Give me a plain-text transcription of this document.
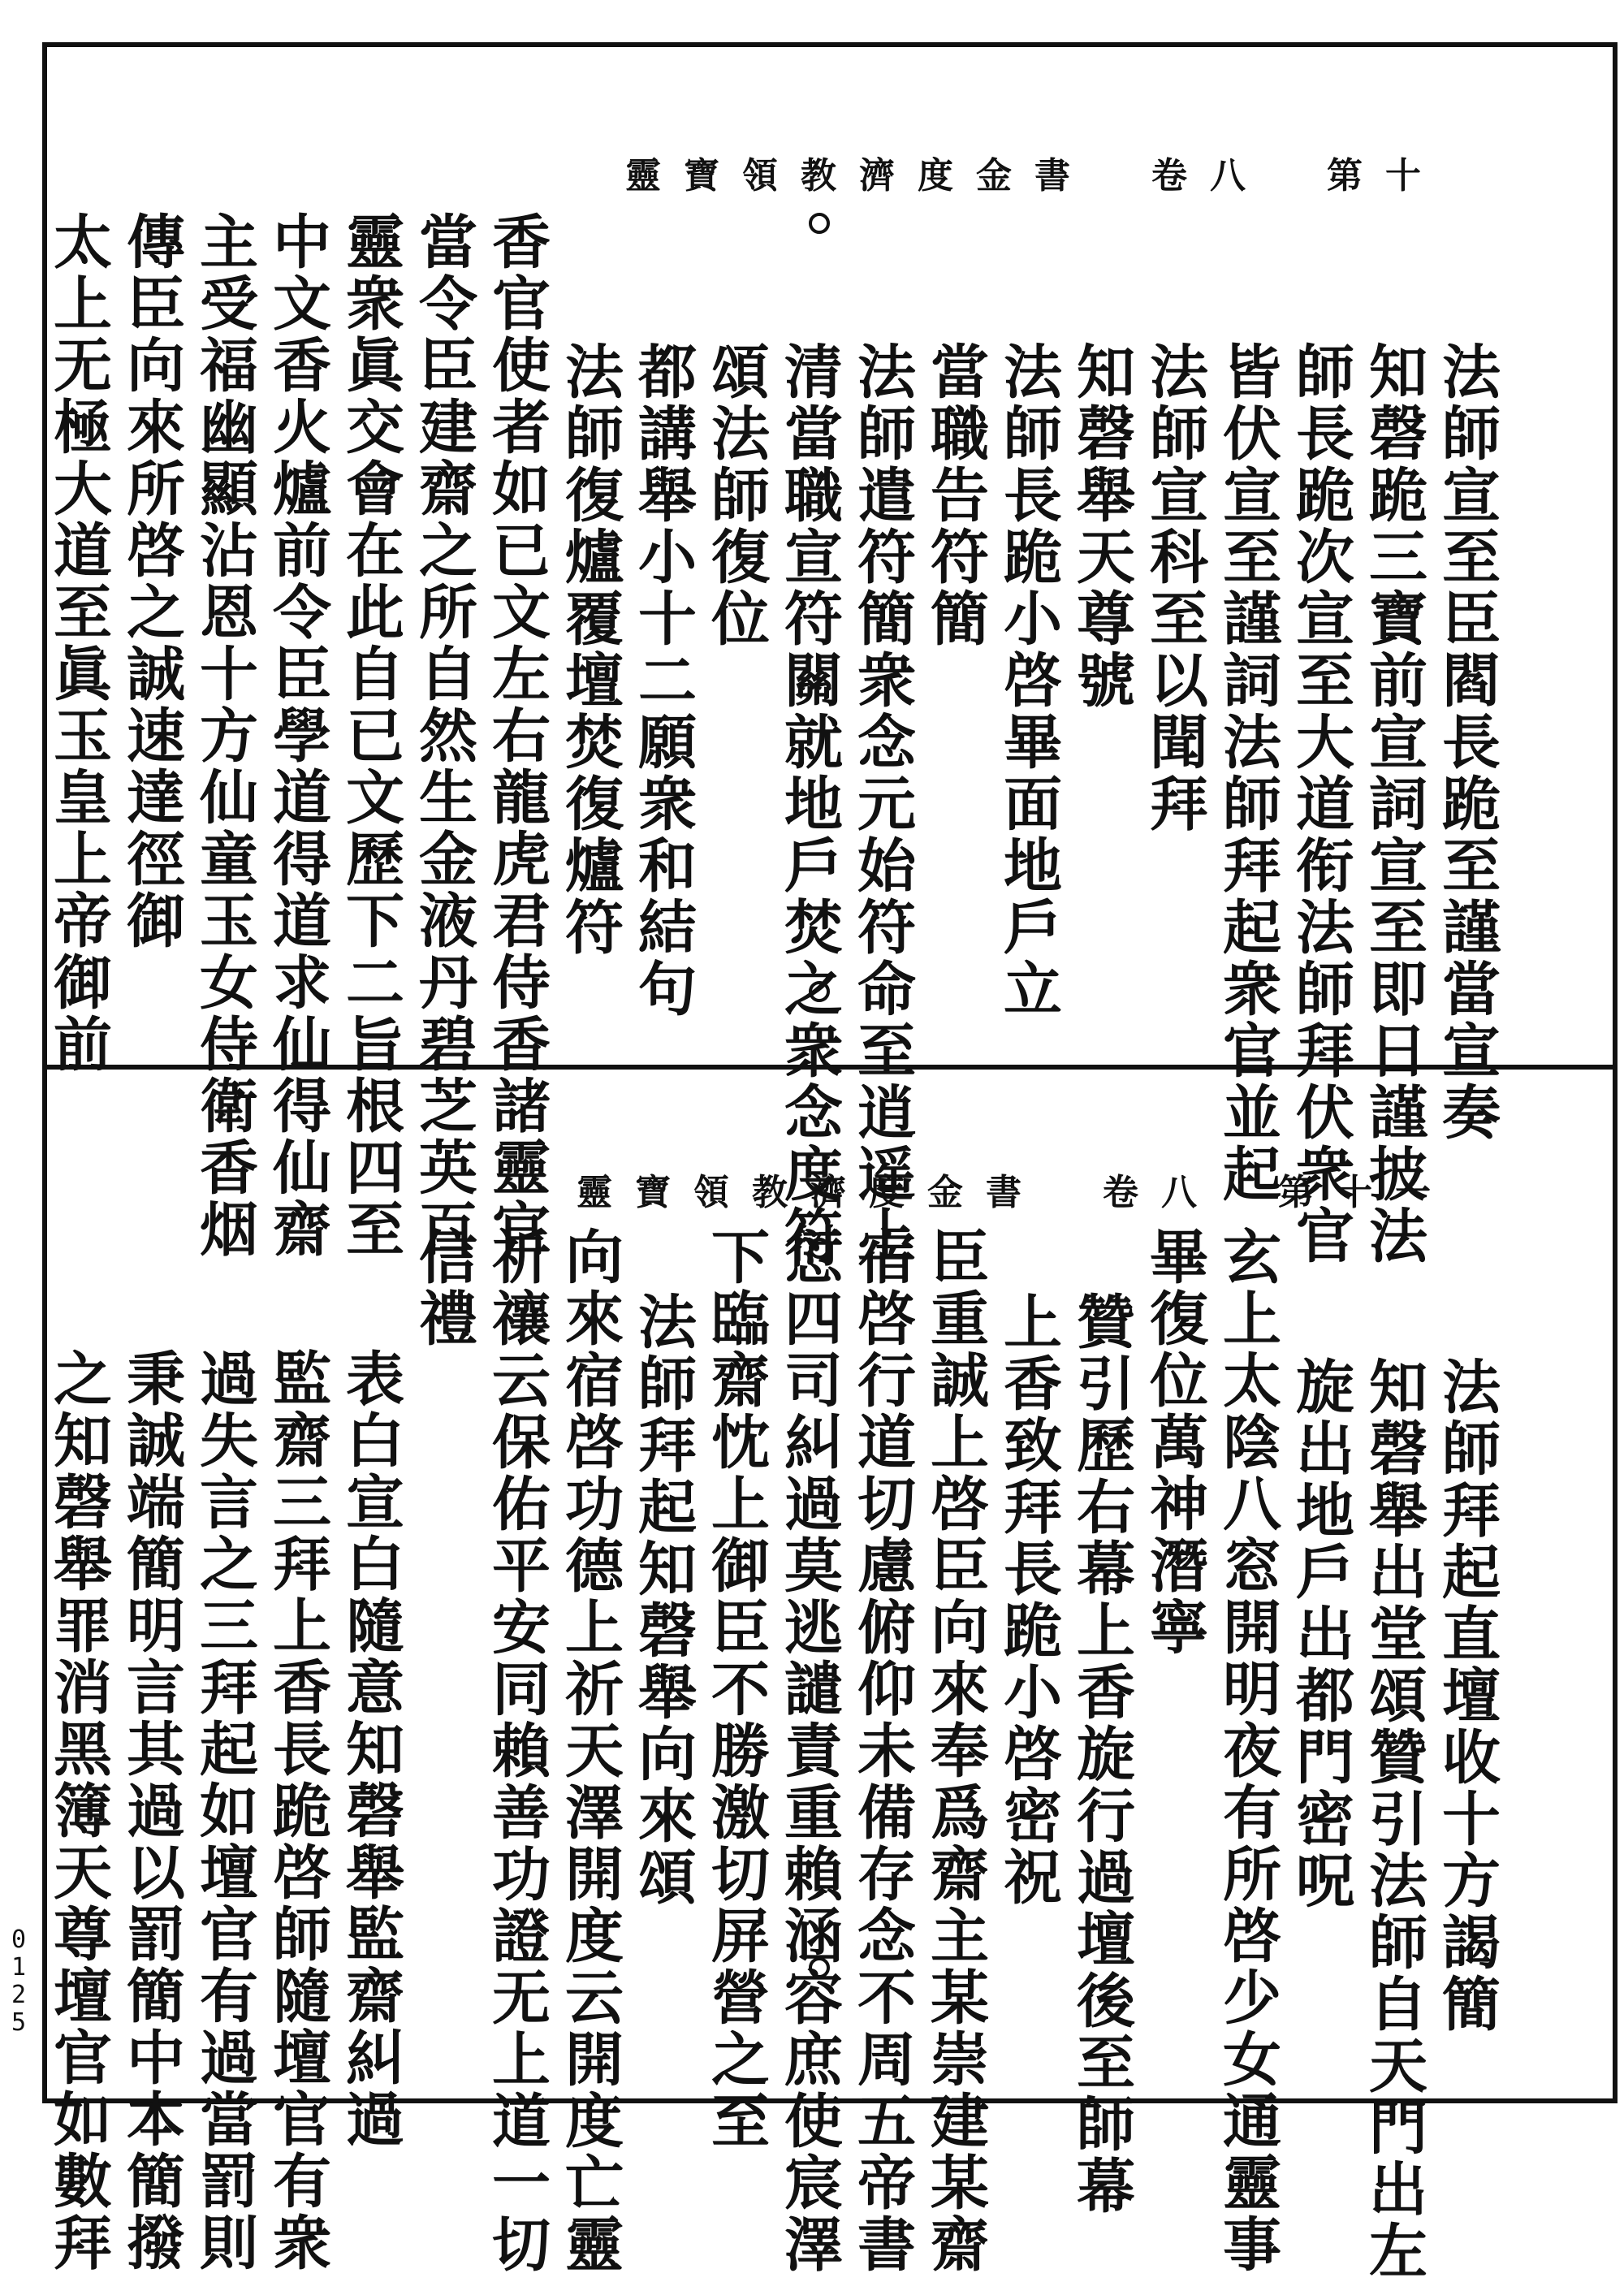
靈寶領教濟度金書　卷八　第十
法師宣至臣閻長跪至謹當宣奏
知磬跪三寶前宣詞宣至即日謹披法
師長跪次宣至大道衔法師拜伏衆官
皆伏宣至謹詞法師拜起衆官並起
法師宣科至以聞拜
知磬舉天尊號
法師長跪小啓畢面地戶立
當職告符簡
法師遣符簡衆念元始符命至逍遥上
清當職宣符關就地戶焚之衆念度符
頌法師復位
都講舉小十二願衆和結句
法師復爐覆壇焚復爐符
香官使者如已文左右龍虎君侍香諸靈官
當令臣建齋之所自然生金液丹碧芝英百
靈衆眞交會在此自已文歷下二旨根四至
中文香火爐前令臣學道得道求仙得仙齋
主受福幽顯沾恩十方仙童玉女侍衛香烟
傳臣向來所啓之誠速達徑御
太上无極大道至眞玉皇上帝御前
靈寶領教濟度金書　卷八　第十一
法師拜起直壇收十方謁簡
知磬舉出堂頌贊引法師自天門出左
旋出地戶出都門密呪
玄上太陰八窓開明夜有所啓少女通靈事
畢復位萬神潛寧
贊引歷右幕上香旋行過壇後至師幕
上香致拜長跪小啓密祝
臣重誠上啓臣向來奉爲齋主某崇建某齋
宿啓行道切慮俯仰未備存念不周五帝書
愆四司糾過莫逃譴責重賴涵容庶使宸澤
下臨齋忱上御臣不勝激切屏營之至
法師拜起知磬舉向來頌
向來宿啓功德上祈天澤開度云開度亡靈
祈禳云保佑平安同賴善功證无上道一切
信禮
表白宣白隨意知磬舉監齋糾過
監齋三拜上香長跪啓師隨壇官有衆
過失言之三拜起如壇官有過當罰則
秉誠端簡明言其過以罰簡中本簡撥
之知磬舉罪消黑簿天尊壇官如數拜
0
1
2
5
